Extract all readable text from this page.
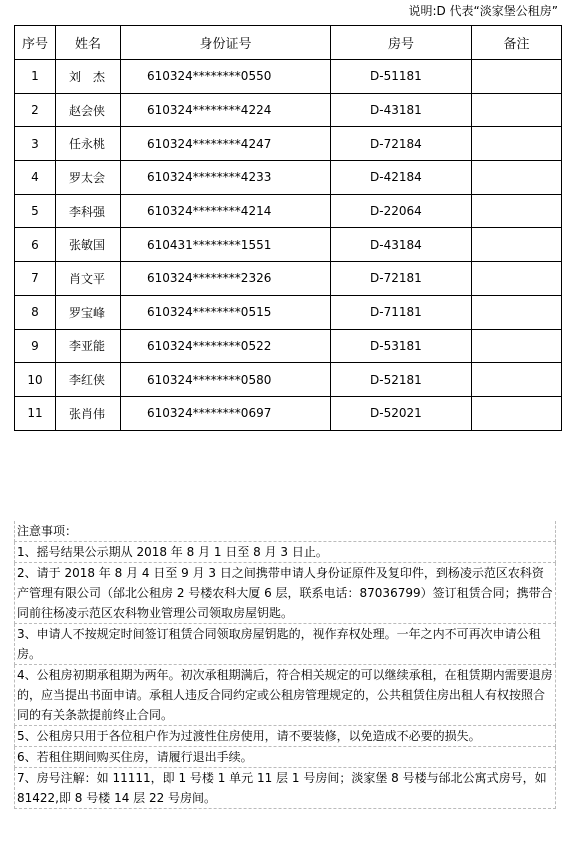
说明:D 代表“淡家堡公租房”
序号	姓名	身份证号	房号	备注
1	刘　杰	610324********0550	D-51181	
2	赵会侠	610324********4224	D-43181	
3	任永桃	610324********4247	D-72184	
4	罗太会	610324********4233	D-42184	
5	李科强	610324********4214	D-22064	
6	张敏国	610431********1551	D-43184	
7	肖文平	610324********2326	D-72181	
8	罗宝峰	610324********0515	D-71181	
9	李亚能	610324********0522	D-53181	
10	李红侠	610324********0580	D-52181	
11	张肖伟	610324********0697	D-52021	
注意事项：
1、摇号结果公示期从 2018 年 8 月 1 日至 8 月 3 日止。
2、请于 2018 年 8 月 4 日至 9 月 3 日之间携带申请人身份证原件及复印件，到杨凌示范区农科资产管理有限公司（邰北公租房 2 号楼农科大厦 6 层，联系电话：87036799）签订租赁合同；携带合同前往杨凌示范区农科物业管理公司领取房屋钥匙。
3、申请人不按规定时间签订租赁合同领取房屋钥匙的，视作弃权处理。一年之内不可再次申请公租房。
4、公租房初期承租期为两年。初次承租期满后，符合相关规定的可以继续承租，在租赁期内需要退房的，应当提出书面申请。承租人违反合同约定或公租房管理规定的，公共租赁住房出租人有权按照合同的有关条款提前终止合同。
5、公租房只用于各位租户作为过渡性住房使用，请不要装修，以免造成不必要的损失。
6、若租住期间购买住房，请履行退出手续。
7、房号注解：如 11111，即 1 号楼 1 单元 11 层 1 号房间；淡家堡 8 号楼与邰北公寓式房号，如 81422,即 8 号楼 14 层 22 号房间。
